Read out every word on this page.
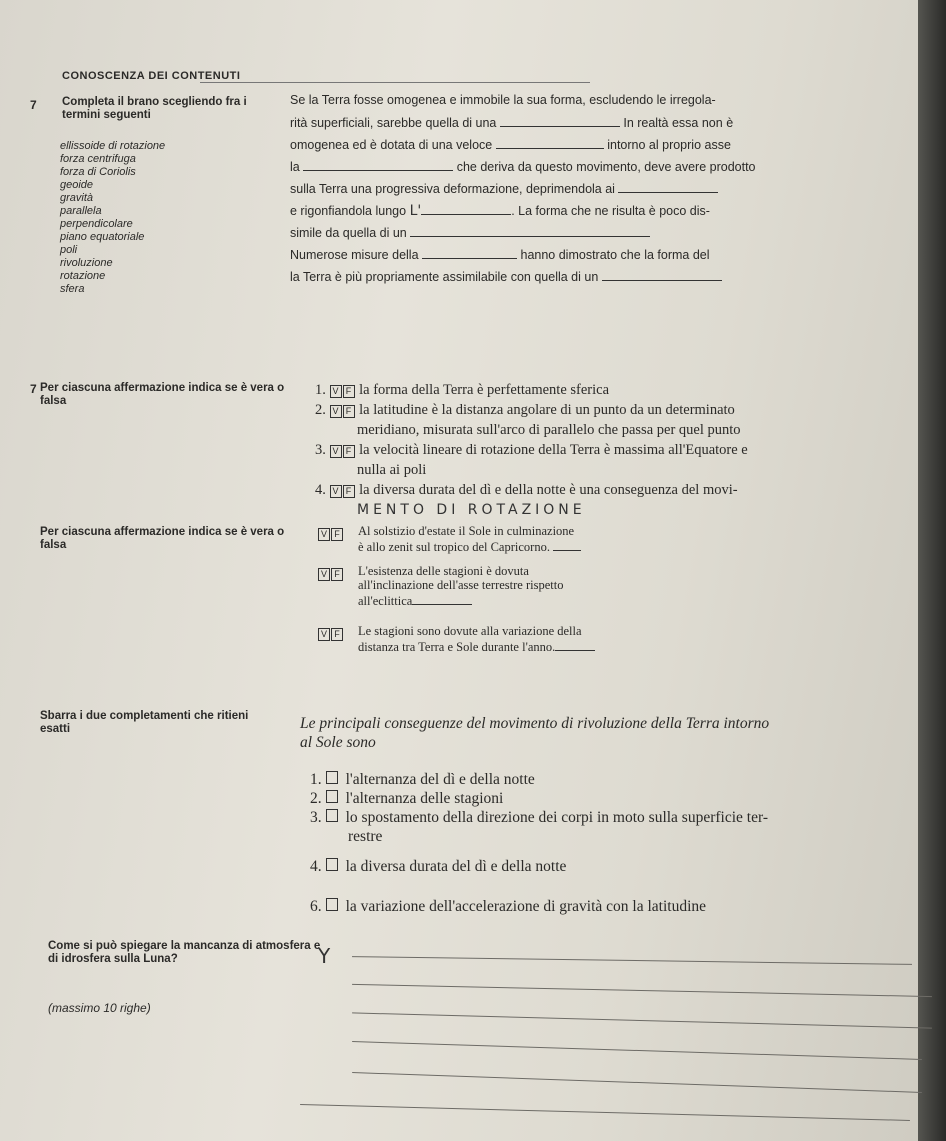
CONOSCENZA DEI CONTENUTI
7 Completa il brano scegliendo fra i termini seguenti
ellissoide di rotazione
forza centrifuga
forza di Coriolis
geoide
gravità
parallela
perpendicolare
piano equatoriale
poli
rivoluzione
rotazione
sfera
Se la Terra fosse omogenea e immobile la sua forma, escludendo le irregola-
rità superficiali, sarebbe quella di una	In realtà essa non è
omogenea ed è dotata di una veloce	intorno al proprio asse
la	che deriva da questo movimento, deve avere prodotto
sulla Terra una progressiva deformazione, deprimendola ai
e rigonfiandola lungo L'	. La forma che ne risulta è poco dis-
simile da quella di un
Numerose misure della	hanno dimostrato che la forma del
la Terra è più propriamente assimilabile con quella di un
7 Per ciascuna affermazione indica se è vera o falsa
1. V F la forma della Terra è perfettamente sferica
2. V F la latitudine è la distanza angolare di un punto da un determinato
meridiano, misurata sull'arco di parallelo che passa per quel punto
3. V F la velocità lineare di rotazione della Terra è massima all'Equatore e
nulla ai poli
4. V F la diversa durata del dì e della notte è una conseguenza del movi-
MENTO DI ROTAZIONE
Per ciascuna affermazione indica se è vera o falsa
V F	Al solstizio d'estate il Sole in culminazione
è allo zenit sul tropico del Capricorno.
V F	L'esistenza delle stagioni è dovuta
all'inclinazione dell'asse terrestre rispetto
all'eclittica
V F	Le stagioni sono dovute alla variazione della
distanza tra Terra e Sole durante l'anno.
Sbarra i due completamenti che ritieni esatti	Le principali conseguenze del movimento di rivoluzione della Terra intorno
al Sole sono
1. l'alternanza del dì e della notte
2. l'alternanza delle stagioni
3. lo spostamento della direzione dei corpi in moto sulla superficie ter-
restre
4. la diversa durata del dì e della notte
6. la variazione dell'accelerazione di gravità con la latitudine
Come si può spiegare la mancanza di atmosfera e di idrosfera sulla Luna?	Y
(massimo 10 righe)
